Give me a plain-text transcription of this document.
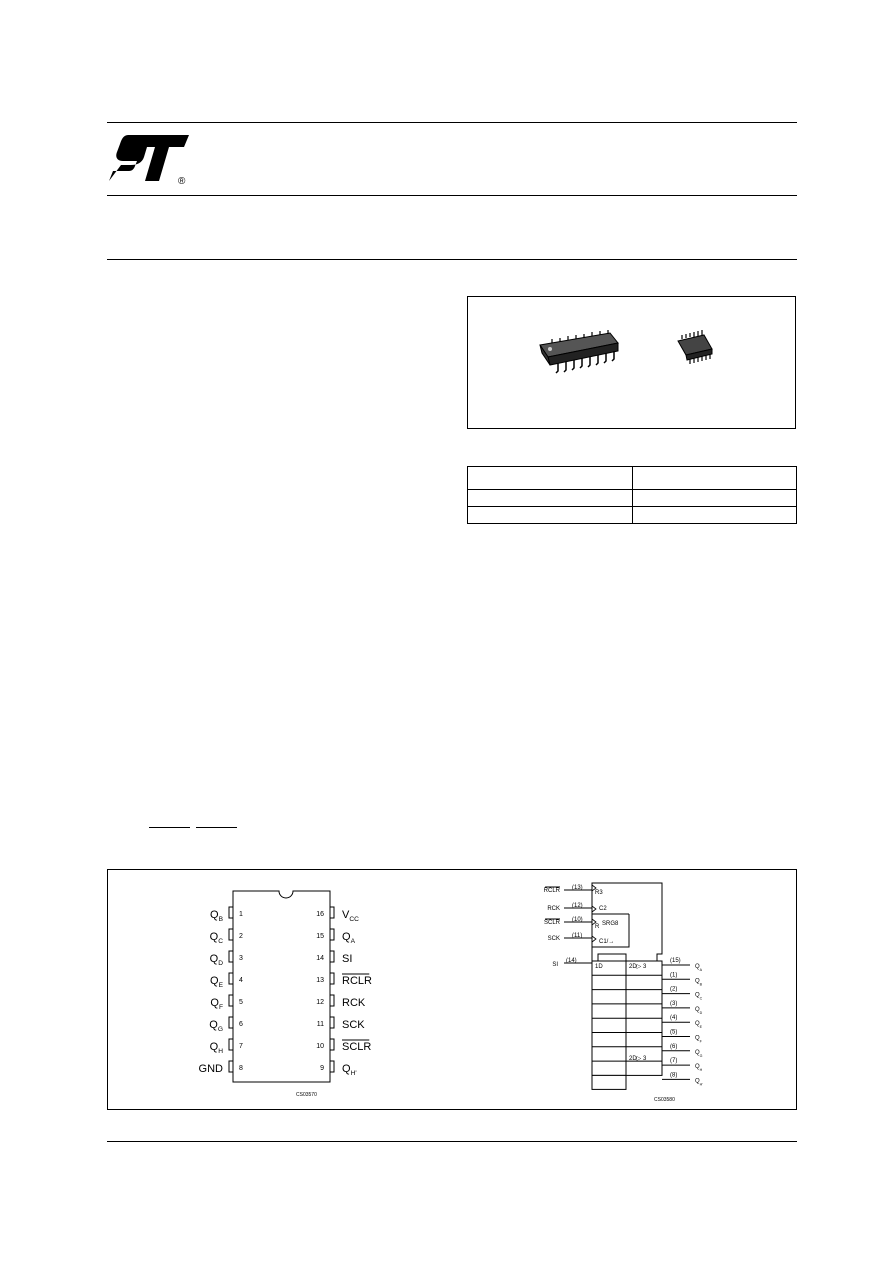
®

1
$Q_B$
2
$Q_C$
3
$Q_D$
4
$Q_E$
5
$Q_F$
6
$Q_G$
7
$Q_H$
8
GND
16 $V_{CC}$
15 $Q_A$
14 SI
13 RCLR
12 RCK
11 SCK
10 SCLR
9 $Q_{H'}$
CS03570
R3
C2
R SRG8
C1/→
(13)
RCLR
(12)
RCK
(10)
SCLR
(11)
SCK
(14)
SI	1D	2D▷ 3
2D▷ 3
(15)
$Q_A$
(1)
$Q_B$
(2)
$Q_C$
(3)
$Q_D$
(4)
$Q_E$
(5)
$Q_F$
(6)
$Q_G$
(7)
$Q_H$
(8)
$Q_{H'}$
CS03580
